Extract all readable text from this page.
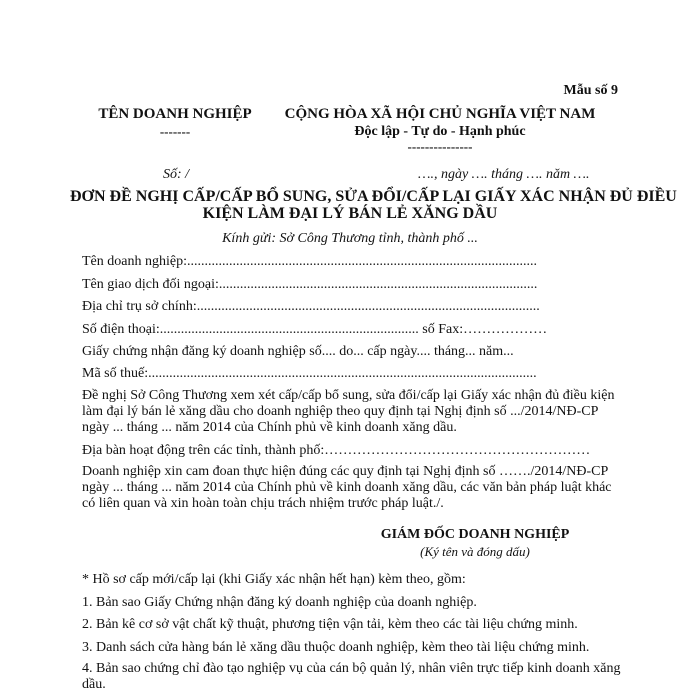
Mẫu số 9
TÊN DOANH NGHIỆP
-------
CỘNG HÒA XÃ HỘI CHỦ NGHĨA VIỆT NAM
Độc lập - Tự do - Hạnh phúc
---------------
Số: /	…., ngày …. tháng …. năm ….
ĐƠN ĐỀ NGHỊ CẤP/CẤP BỔ SUNG, SỬA ĐỔI/CẤP LẠI GIẤY XÁC NHẬN ĐỦ ĐIỀU
KIỆN LÀM ĐẠI LÝ BÁN LẺ XĂNG DẦU
Kính gửi: Sở Công Thương tỉnh, thành phố ...
Tên doanh nghiệp:....................................................................................................
Tên giao dịch đối ngoại:...........................................................................................
Địa chỉ trụ sở chính:..................................................................................................
Số điện thoại:.......................................................................... số Fax:………………
Giấy chứng nhận đăng ký doanh nghiệp số.... do... cấp ngày.... tháng... năm...
Mã số thuế:...............................................................................................................
Đề nghị Sở Công Thương xem xét cấp/cấp bổ sung, sửa đổi/cấp lại Giấy xác nhận đủ điều kiện làm đại lý bán lẻ xăng dầu cho doanh nghiệp theo quy định tại Nghị định số .../2014/NĐ-CP ngày ... tháng ... năm 2014 của Chính phủ về kinh doanh xăng dầu.
Địa bàn hoạt động trên các tỉnh, thành phố:…………………………………………………
Doanh nghiệp xin cam đoan thực hiện đúng các quy định tại Nghị định số ……./2014/NĐ-CP ngày ... tháng ... năm 2014 của Chính phủ về kinh doanh xăng dầu, các văn bản pháp luật khác có liên quan và xin hoàn toàn chịu trách nhiệm trước pháp luật./.
GIÁM ĐỐC DOANH NGHIỆP
(Ký tên và đóng dấu)
* Hồ sơ cấp mới/cấp lại (khi Giấy xác nhận hết hạn) kèm theo, gồm:
1. Bản sao Giấy Chứng nhận đăng ký doanh nghiệp của doanh nghiệp.
2. Bản kê cơ sở vật chất kỹ thuật, phương tiện vận tải, kèm theo các tài liệu chứng minh.
3. Danh sách cửa hàng bán lẻ xăng dầu thuộc doanh nghiệp, kèm theo tài liệu chứng minh.
4. Bản sao chứng chỉ đào tạo nghiệp vụ của cán bộ quản lý, nhân viên trực tiếp kinh doanh xăng dầu.
